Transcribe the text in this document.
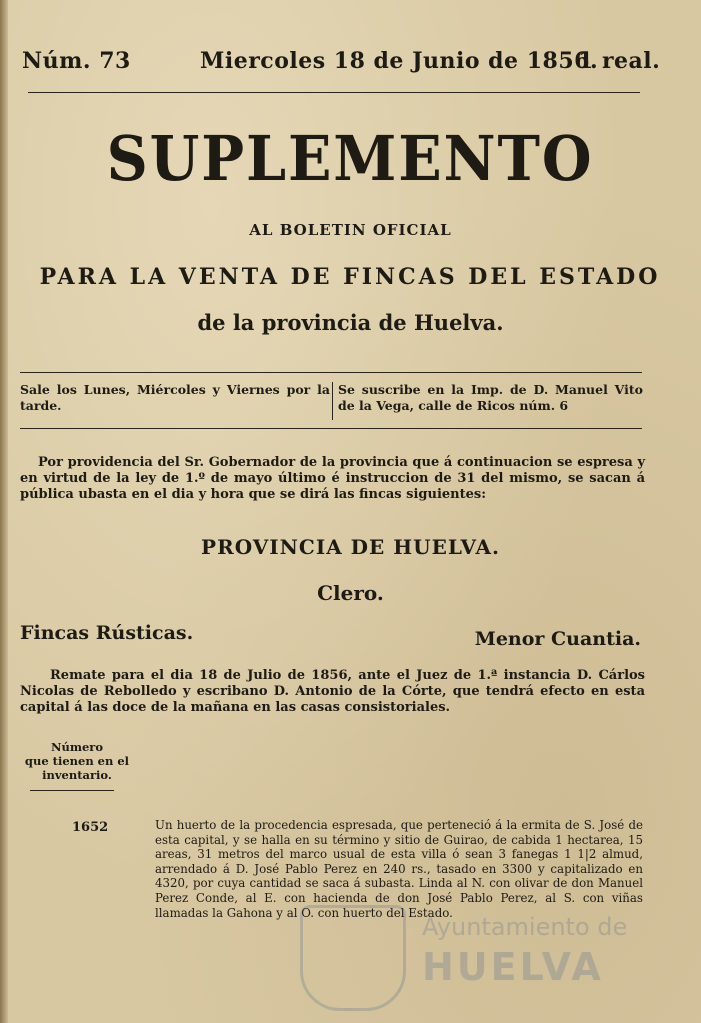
Núm. 73	Miercoles 18 de Junio de 1856.
1 real.
SUPLEMENTO
AL BOLETIN OFICIAL
PARA LA VENTA DE FINCAS DEL ESTADO
de la provincia de Huelva.
Sale los Lunes, Miércoles y Viernes por la tarde.
Se suscribe en la Imp. de D. Manuel Vito de la Vega, calle de Ricos núm. 6
Por providencia del Sr. Gobernador de la provincia que á continuacion se espresa y en virtud de la ley de 1.º de mayo último é instruccion de 31 del mismo, se sacan á pública ubasta en el dia y hora que se dirá las fincas siguientes:
PROVINCIA DE HUELVA.
Clero.
Fincas Rústicas.	Menor Cuantia.
Remate para el dia 18 de Julio de 1856, ante el Juez de 1.ª instancia D. Cárlos Nicolas de Rebolledo y escribano D. Antonio de la Córte, que tendrá efecto en esta capital á las doce de la mañana en las casas consistoriales.
Número
que tienen en el
inventario.
1652	Un huerto de la procedencia espresada, que perteneció á la ermita de S. José de esta capital, y se halla en su término y sitio de Guirao, de cabida 1 hectarea, 15 areas, 31 metros del marco usual de esta villa ó sean 3 fanegas 1 1|2 almud, arrendado á D. José Pablo Perez en 240 rs., tasado en 3300 y capitalizado en 4320, por cuya cantidad se saca á subasta. Linda al N. con olivar de don Manuel Perez Conde, al E. con hacienda de don José Pablo Perez, al S. con viñas llamadas la Gahona y al O. con huerto del Estado.
Ayuntamiento de
HUELVA
